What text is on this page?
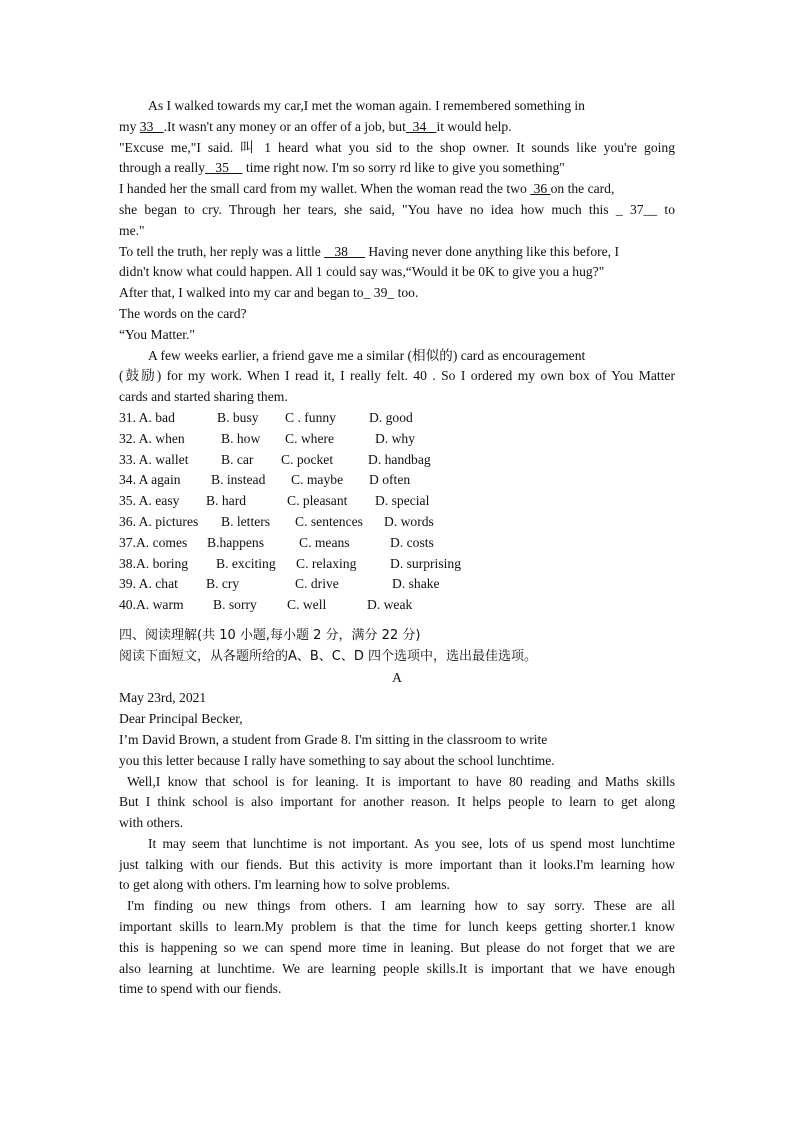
As I walked towards my car,I met the woman again. I remembered something in
my 33   .It wasn't any money or an offer of a job, but  34   it would help.
"Excuse me,"I said. 叫 1 heard what you sid to the shop owner. It sounds like you're going
through a really   35     time right now. I'm so sorry rd like to give you something"
I handed her the small card from my wallet. When the woman read the two  36 on the card,
she began to cry. Through her tears, she said, "You have no idea how much this _ 37__ to
me."
To tell the truth, her reply was a little    38      Having never done anything like this before, I
didn't know what could happen. All 1 could say was,“Would it be 0K to give you a hug?"
After that, I walked into my car and began to_ 39_ too.
The words on the card?
“You Matter."
A few weeks earlier, a friend gave me a similar (相似的) card as encouragement
(鼓励) for my work. When I read it, I really felt. 40 . So I ordered my own box of You Matter
cards and started sharing them.
31. A. bad	B. busy C . funny D. good
32. A. when	B. how C. where	D. why
33. A. wallet B. car C. pocket	D. handbag
34. A again B. instead C. maybe D often
35. A. easy B. hard	C. pleasant D. special
36. A. pictures B. letters C. sentences D. words
37.A. comes B.happens	C. means	D. costs
38.A. boring B. exciting C. relaxing D. surprising
39. A. chat B. cry	C. drive	D. shake
40.A. warm B. sorry C. well	D. weak
四、阅读理解(共 10 小题,每小题 2 分，满分 22 分)
阅读下面短文，从各题所给的A、B、C、D 四个选项中，选出最佳选项。
A
May 23rd, 2021
Dear Principal Becker,
I’m David Brown, a student from Grade 8. I'm sitting in the classroom to write
you this letter because I rally have something to say about the school lunchtime.
Well,I know that school is for leaning. It is important to have 80 reading and Maths skills
But I think school is also important for another reason. It helps people to learn to get along
with others.
It may seem that lunchtime is not important. As you see, lots of us spend most lunchtime
just talking with our fiends. But this activity is more important than it looks.I'm learning how
to get along with others. I'm learning how to solve problems.
I'm finding ou new things from others. I am learning how to say sorry. These are all
important skills to learn.My problem is that the time for lunch keeps getting shorter.1 know
this is happening so we can spend more time in leaning. But please do not forget that we are
also learning at lunchtime. We are learning people skills.It is important that we have enough
time to spend with our fiends.
